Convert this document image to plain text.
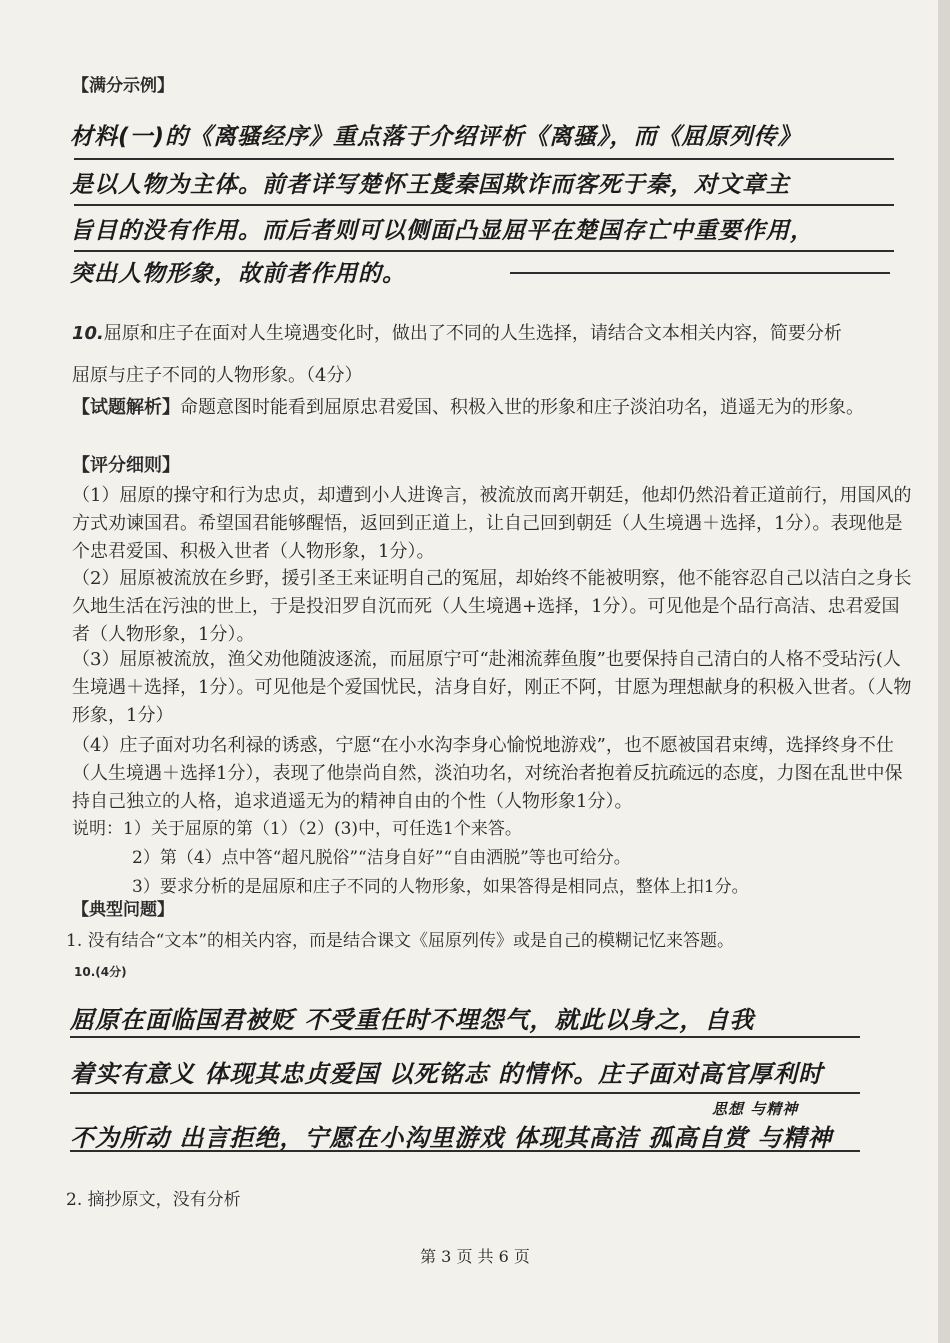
【满分示例】
材料(一)的《离骚经序》重点落于介绍评析《离骚》，而《屈原列传》
是以人物为主体。前者详写楚怀王髲秦国欺诈而客死于秦，对文章主
旨目的没有作用。而后者则可以侧面凸显屈平在楚国存亡中重要作用，
突出人物形象，故前者作用的。
10.屈原和庄子在面对人生境遇变化时，做出了不同的人生选择，请结合文本相关内容，简要分析
屈原与庄子不同的人物形象。（4分）
【试题解析】命题意图时能看到屈原忠君爱国、积极入世的形象和庄子淡泊功名，逍遥无为的形象。
【评分细则】
（1）屈原的操守和行为忠贞，却遭到小人进谗言，被流放而离开朝廷，他却仍然沿着正道前行，用国风的方式劝谏国君。希望国君能够醒悟，返回到正道上，让自己回到朝廷（人生境遇＋选择，1分）。表现他是个忠君爱国、积极入世者（人物形象，1分）。
（2）屈原被流放在乡野，援引圣王来证明自己的冤屈，却始终不能被明察，他不能容忍自己以洁白之身长久地生活在污浊的世上，于是投汨罗自沉而死（人生境遇+选择，1分）。可见他是个品行高洁、忠君爱国者（人物形象，1分）。
（3）屈原被流放，渔父劝他随波逐流，而屈原宁可“赴湘流葬鱼腹”也要保持自己清白的人格不受玷污(人生境遇＋选择，1分）。可见他是个爱国忧民，洁身自好，刚正不阿，甘愿为理想献身的积极入世者。（人物形象，1分）
（4）庄子面对功名利禄的诱惑，宁愿“在小水沟李身心愉悦地游戏”，也不愿被国君束缚，选择终身不仕（人生境遇＋选择1分），表现了他崇尚自然，淡泊功名，对统治者抱着反抗疏远的态度，力图在乱世中保持自己独立的人格，追求逍遥无为的精神自由的个性（人物形象1分）。
说明：1）关于屈原的第（1）（2）(3)中，可任选1个来答。
2）第（4）点中答“超凡脱俗”“洁身自好”“自由洒脱”等也可给分。
3）要求分析的是屈原和庄子不同的人物形象，如果答得是相同点，整体上扣1分。
【典型问题】
1. 没有结合“文本”的相关内容，而是结合课文《屈原列传》或是自己的模糊记忆来答题。
10.(4分)
屈原在面临国君被贬 不受重任时不埋怨气，就此以身之，自我
着实有意义 体现其忠贞爱国 以死铭志 的情怀。庄子面对高官厚利时
思想 与精神
不为所动 出言拒绝，宁愿在小沟里游戏 体现其高洁 孤高自赏 与精神
2. 摘抄原文，没有分析
第 3 页 共 6 页
